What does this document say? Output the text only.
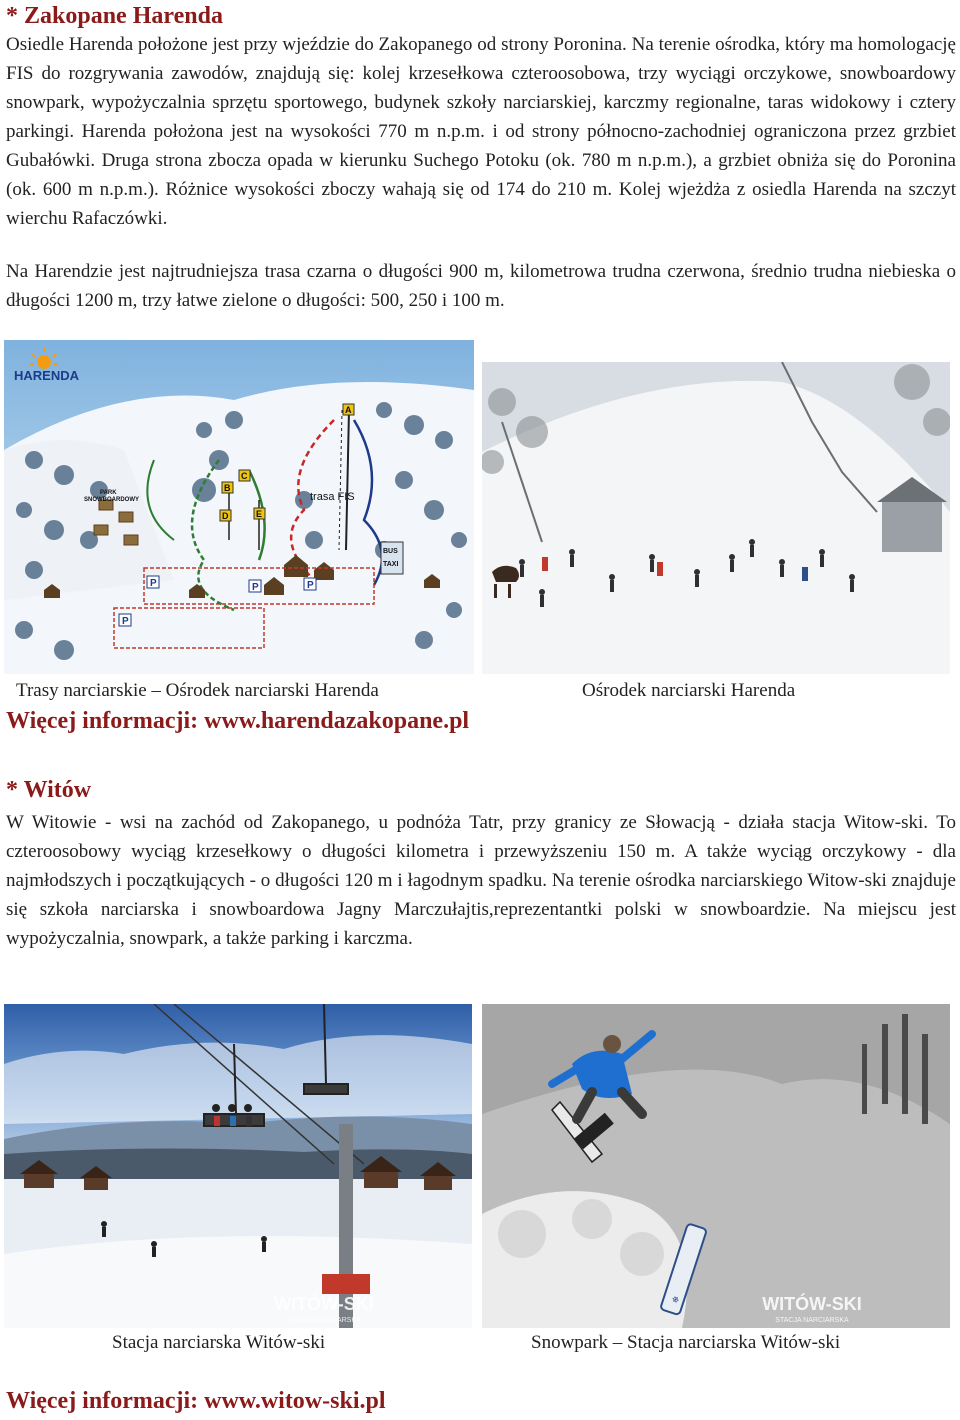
* Zakopane Harenda

Osiedle Harenda położone jest przy wjeździe do Zakopanego od strony Poronina. Na terenie ośrodka, który ma homologację FIS do rozgrywania zawodów, znajdują się: kolej krzesełkowa czteroosobowa, trzy wyciągi orczykowe, snowboardowy snowpark, wypożyczalnia sprzętu sportowego, budynek szkoły narciarskiej, karczmy regionalne, taras widokowy i cztery parkingi. Harenda położona jest na wysokości 770 m n.p.m. i od strony północno-zachodniej ograniczona przez grzbiet Gubałówki. Druga strona zbocza opada w kierunku Suchego Potoku (ok. 780 m n.p.m.), a grzbiet obniża się do Poronina (ok. 600 m n.p.m.). Różnice wysokości zboczy wahają się od 174 do 210 m. Kolej wjeżdża z osiedla Harenda na szczyt wierchu Rafaczówki.

Na Harendzie jest najtrudniejsza trasa czarna o długości 900 m, kilometrowa trudna czerwona, średnio trudna niebieska o długości 1200 m, trzy łatwe zielone o długości: 500, 250 i 100 m.

BUS
TAXI
P	P
P
P
A
B
C
D	E
PARK
SNOWBOARDOWY	trasa FIS
HARENDA
Trasy narciarskie – Ośrodek narciarski Harenda	Ośrodek narciarski Harenda
Więcej informacji: www.harendazakopane.pl
* Witów

W Witowie - wsi na zachód od Zakopanego, u podnóża Tatr, przy granicy ze Słowacją - działa stacja Witow-ski. To czteroosobowy wyciąg krzesełkowy o długości kilometra i przewyższeniu 150 m. A także wyciąg orczykowy - dla najmłodszych i początkujących - o długości 120 m i łagodnym spadku. Na terenie ośrodka narciarskiego Witow-ski znajduje się szkoła narciarska i snowboardowa Jagny Marczułajtis,reprezentantki polski w snowboardzie. Na miejscu jest wypożyczalnia, snowpark, a także parking i karczma.

WITÓW-SKI
STACJA NARCIARSKA
❄	WITÓW-SKI
STACJA NARCIARSKA
Stacja narciarska Witów-ski	Snowpark – Stacja narciarska Witów-ski
Więcej informacji: www.witow-ski.pl
